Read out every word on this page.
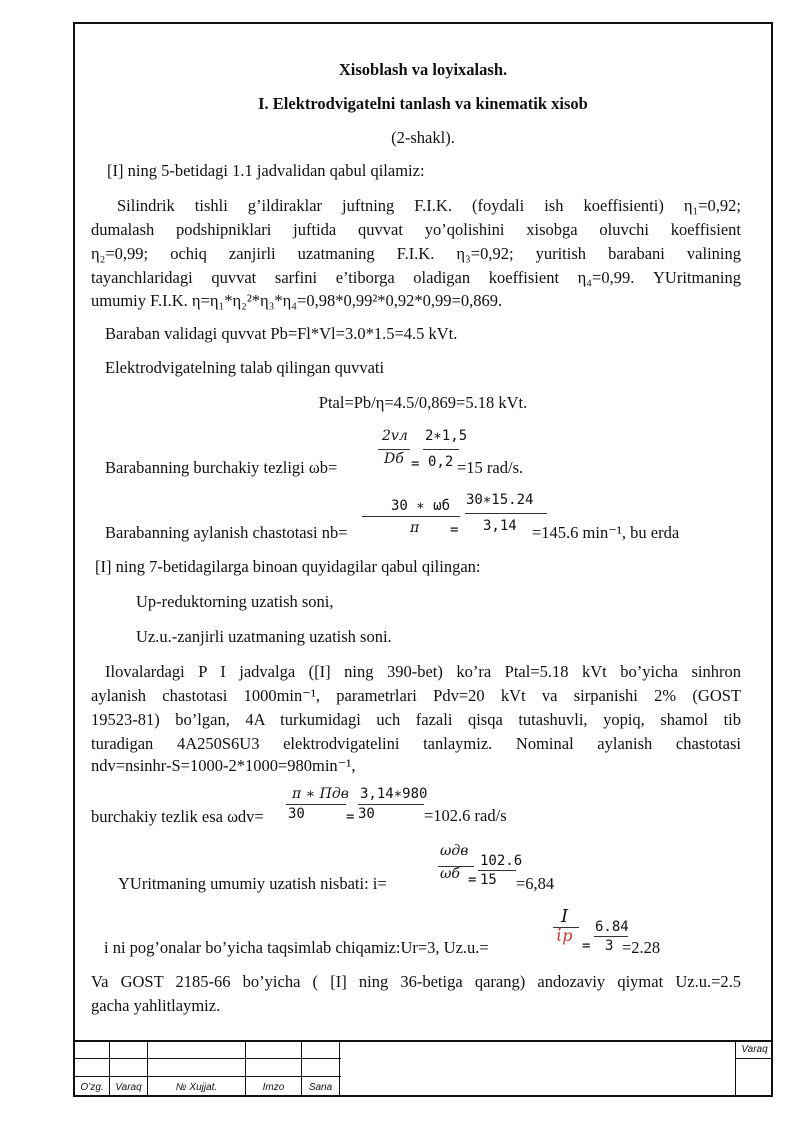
Xisoblash va loyixalash.
I. Elektrodvigatelni tanlash va kinematik xisob
(2-shakl).
[I] ning 5-betidagi 1.1 jadvalidan qabul qilamiz:
Silindrik tishli g’ildiraklar juftning F.I.K. (foydali ish koeffisienti) η₁=0,92;
dumalash podshipniklari juftida quvvat yo’qolishini xisobga oluvchi koeffisient
η₂=0,99; ochiq zanjirli uzatmaning F.I.K. η₃=0,92; yuritish barabani valining
tayanchlaridagi quvvat sarfini e’tiborga oladigan koeffisient η₄=0,99. YUritmaning
umumiy F.I.K. η=η₁*η₂²*η₃*η₄=0,98*0,99²*0,92*0,99=0,869.
Baraban validagi quvvat Pb=Fl*Vl=3.0*1.5=4.5 kVt.
Elektrodvigatelning talab qilingan quvvati
Ptal=Pb/η=4.5/0,869=5.18 kVt.
Barabanning burchakiy tezligi ωb=
2vл
Dб =
2∗1,5
0,2 =15 rad/s.
Barabanning aylanish chastotasi nb=
30 ∗ ωб
π =
30∗15.24
3,14 =145.6 min⁻¹, bu erda
[I] ning 7-betidagilarga binoan quyidagilar qabul qilingan:
Up-reduktorning uzatish soni,
Uz.u.-zanjirli uzatmaning uzatish soni.
Ilovalardagi P I jadvalga ([I] ning 390-bet) ko’ra Ptal=5.18 kVt bo’yicha sinhron
aylanish chastotasi 1000min⁻¹, parametrlari Pdv=20 kVt va sirpanishi 2% (GOST
19523-81) bo’lgan, 4A turkumidagi uch fazali qisqa tutashuvli, yopiq, shamol tib
turadigan 4A250S6U3 elektrodvigatelini tanlaymiz. Nominal aylanish chastotasi
ndv=nsinhr-S=1000-2*1000=980min⁻¹,
burchakiy tezlik esa ωdv=
π ∗ Пдв
30	=
3,14∗980
30	=102.6 rad/s
YUritmaning umumiy uzatish nisbati: i=
ωдв
ωб =
102.6
15 =6,84
i ni pog’onalar bo’yicha taqsimlab chiqamiz:Ur=3, Uz.u.=
I
ἰр
=
6.84
3 =2.28
Va GOST 2185-66 bo’yicha ( [I] ning 36-betiga qarang) andozaviy qiymat Uz.u.=2.5
gacha yahlitlaymiz.
O’zg.	Varaq	№ Xujjat.	Imzo	Sana
Varaq
